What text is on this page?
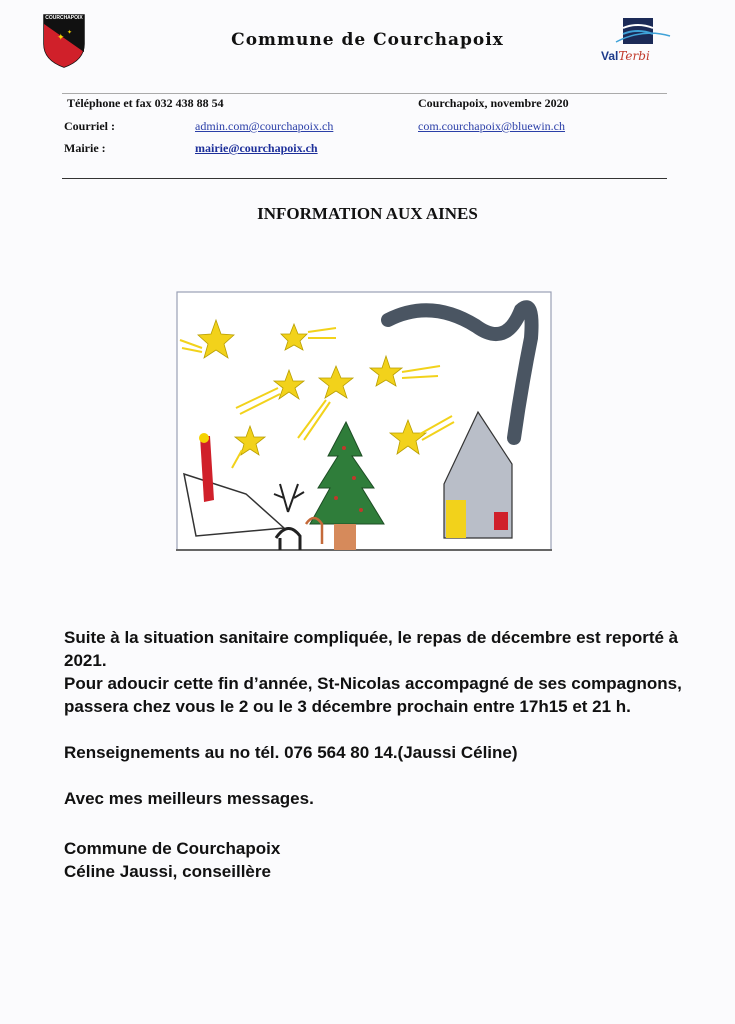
✦
✦
COURCHAPOIX
Commune de Courchapoix
ValTerbi
Téléphone et fax 032 438 88 54	Courchapoix, novembre 2020
Courriel :	admin.com@courchapoix.ch	com.courchapoix@bluewin.ch
Mairie :	mairie@courchapoix.ch
INFORMATION AUX AINES

Suite à la situation sanitaire compliquée, le repas de décembre est reporté à 2021.

Pour adoucir cette fin d’année, St-Nicolas accompagné de ses compagnons, passera chez vous le 2 ou le 3 décembre prochain entre 17h15 et 21 h.

Renseignements au no tél. 076 564 80 14.(Jaussi Céline)

Avec mes meilleurs messages.

Commune de Courchapoix

Céline Jaussi, conseillère
